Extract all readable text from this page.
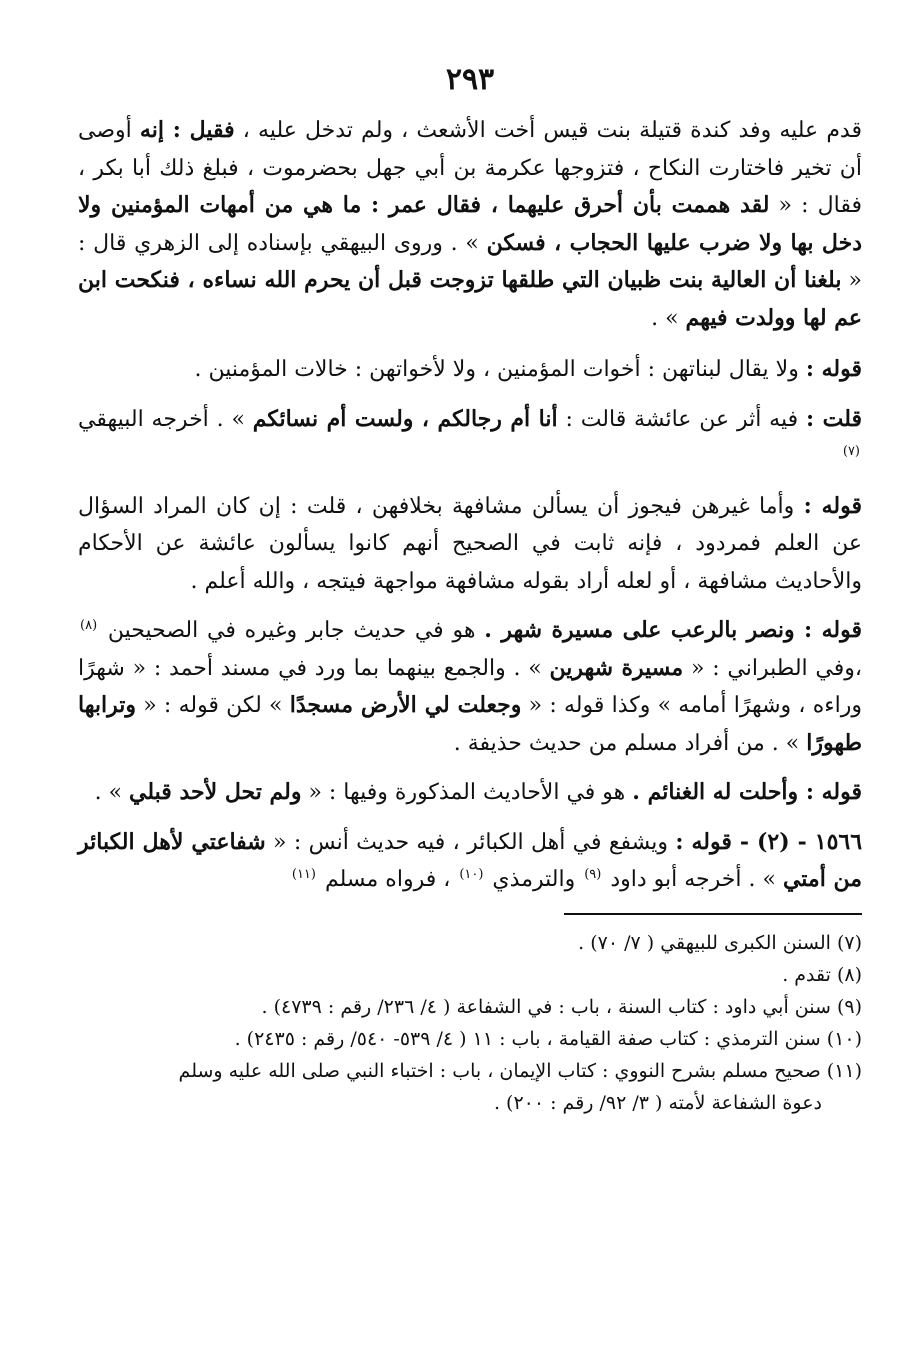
٢٩٣

قدم عليه وفد كندة قتيلة بنت قيس أخت الأشعث ، ولم تدخل عليه ، فقيل : إنه أوصى أن تخير فاختارت النكاح ، فتزوجها عكرمة بن أبي جهل بحضرموت ، فبلغ ذلك أبا بكر ، فقال : « لقد هممت بأن أحرق عليهما ، فقال عمر : ما هي من أمهات المؤمنين ولا دخل بها ولا ضرب عليها الحجاب ، فسكن » . وروى البيهقي بإسناده إلى الزهري قال : « بلغنا أن العالية بنت ظبيان التي طلقها تزوجت قبل أن يحرم الله نساءه ، فنكحت ابن عم لها وولدت فيهم » .

قوله : ولا يقال لبناتهن : أخوات المؤمنين ، ولا لأخواتهن : خالات المؤمنين .

قلت : فيه أثر عن عائشة قالت : أنا أم رجالكم ، ولست أم نسائكم » . أخرجه البيهقي $^{(٧)}$

قوله : وأما غيرهن فيجوز أن يسألن مشافهة بخلافهن ، قلت : إن كان المراد السؤال عن العلم فمردود ، فإنه ثابت في الصحيح أنهم كانوا يسألون عائشة عن الأحكام والأحاديث مشافهة ، أو لعله أراد بقوله مشافهة مواجهة فيتجه ، والله أعلم .

قوله : ونصر بالرعب على مسيرة شهر . هو في حديث جابر وغيره في الصحيحين $^{(٨)}$ ،وفي الطبراني : « مسيرة شهرين » . والجمع بينهما بما ورد في مسند أحمد : « شهرًا وراءه ، وشهرًا أمامه » وكذا قوله : « وجعلت لي الأرض مسجدًا » لكن قوله : « وترابها طهورًا » . من أفراد مسلم من حديث حذيفة .

قوله : وأحلت له الغنائم . هو في الأحاديث المذكورة وفيها : « ولم تحل لأحد قبلي » .

١٥٦٦ - (٢) - قوله : ويشفع في أهل الكبائر ، فيه حديث أنس : « شفاعتي لأهل الكبائر من أمتي » . أخرجه أبو داود $^{(٩)}$ والترمذي $^{(١٠)}$ ، فرواه مسلم $^{(١١)}$

(٧) السنن الكبرى للبيهقي ( ٧/ ٧٠) .

(٨) تقدم .

(٩) سنن أبي داود : كتاب السنة ، باب : في الشفاعة ( ٤/ ٢٣٦/ رقم : ٤٧٣٩) .

(١٠) سنن الترمذي : كتاب صفة القيامة ، باب : ١١ ( ٤/ ٥٣٩- ٥٤٠/ رقم : ٢٤٣٥) .

(١١) صحيح مسلم بشرح النووي : كتاب الإيمان ، باب : اختباء النبي صلى الله عليه وسلم

دعوة الشفاعة لأمته ( ٣/ ٩٢/ رقم : ٢٠٠) .
